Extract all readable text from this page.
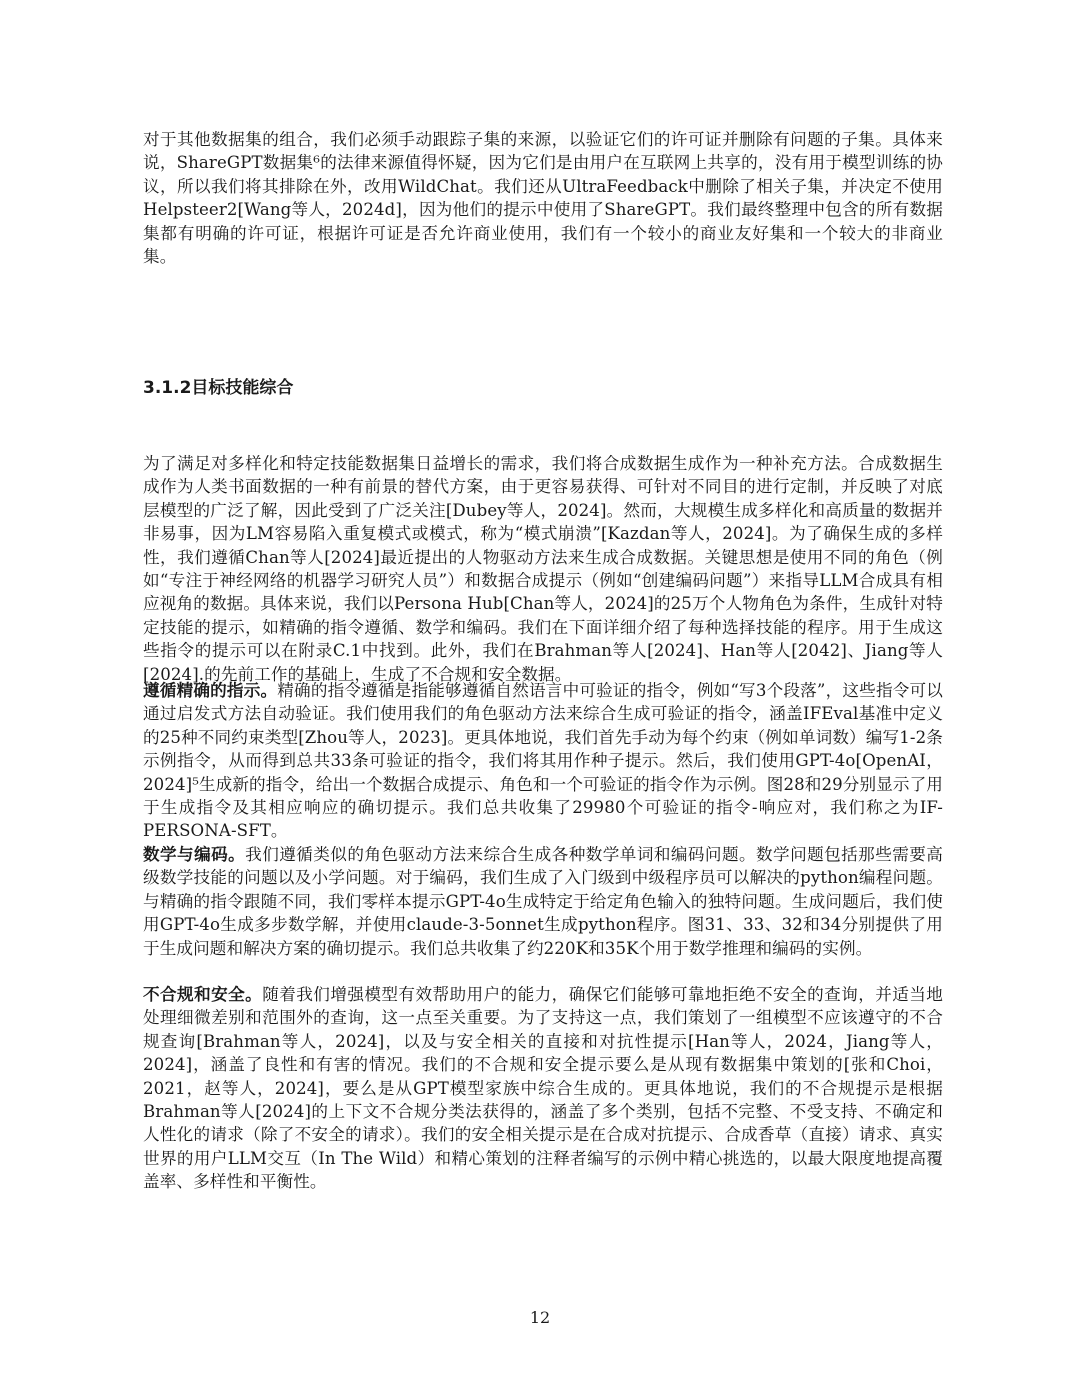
对于其他数据集的组合，我们必须手动跟踪子集的来源，以验证它们的许可证并删除有问题的子集。具体来说，ShareGPT数据集⁶的法律来源值得怀疑，因为它们是由用户在互联网上共享的，没有用于模型训练的协议，所以我们将其排除在外，改用WildChat。我们还从UltraFeedback中删除了相关子集，并决定不使用Helpsteer2[Wang等人，2024d]，因为他们的提示中使用了ShareGPT。我们最终整理中包含的所有数据集都有明确的许可证，根据许可证是否允许商业使用，我们有一个较小的商业友好集和一个较大的非商业集。

3.1.2目标技能综合

为了满足对多样化和特定技能数据集日益增长的需求，我们将合成数据生成作为一种补充方法。合成数据生成作为人类书面数据的一种有前景的替代方案，由于更容易获得、可针对不同目的进行定制，并反映了对底层模型的广泛了解，因此受到了广泛关注[Dubey等人，2024]。然而，大规模生成多样化和高质量的数据并非易事，因为LM容易陷入重复模式或模式，称为“模式崩溃”[Kazdan等人，2024]。为了确保生成的多样性，我们遵循Chan等人[2024]最近提出的人物驱动方法来生成合成数据。关键思想是使用不同的角色（例如“专注于神经网络的机器学习研究人员”）和数据合成提示（例如“创建编码问题”）来指导LLM合成具有相应视角的数据。具体来说，我们以Persona Hub[Chan等人，2024]的25万个人物角色为条件，生成针对特定技能的提示，如精确的指令遵循、数学和编码。我们在下面详细介绍了每种选择技能的程序。用于生成这些指令的提示可以在附录C.1中找到。此外，我们在Brahman等人[2024]、Han等人[2042]、Jiang等人[2024].的先前工作的基础上，生成了不合规和安全数据。

遵循精确的指示。精确的指令遵循是指能够遵循自然语言中可验证的指令，例如“写3个段落”，这些指令可以通过启发式方法自动验证。我们使用我们的角色驱动方法来综合生成可验证的指令，涵盖IFEval基准中定义的25种不同约束类型[Zhou等人，2023]。更具体地说，我们首先手动为每个约束（例如单词数）编写1-2条示例指令，从而得到总共33条可验证的指令，我们将其用作种子提示。然后，我们使用GPT-4o[OpenAI，2024]⁵生成新的指令，给出一个数据合成提示、角色和一个可验证的指令作为示例。图28和29分别显示了用于生成指令及其相应响应的确切提示。我们总共收集了29980个可验证的指令-响应对，我们称之为IF-PERSONA-SFT。

数学与编码。我们遵循类似的角色驱动方法来综合生成各种数学单词和编码问题。数学问题包括那些需要高级数学技能的问题以及小学问题。对于编码，我们生成了入门级到中级程序员可以解决的python编程问题。与精确的指令跟随不同，我们零样本提示GPT-4o生成特定于给定角色输入的独特问题。生成问题后，我们使用GPT-4o生成多步数学解，并使用claude-3-5onnet生成python程序。图31、33、32和34分别提供了用于生成问题和解决方案的确切提示。我们总共收集了约220K和35K个用于数学推理和编码的实例。

不合规和安全。随着我们增强模型有效帮助用户的能力，确保它们能够可靠地拒绝不安全的查询，并适当地处理细微差别和范围外的查询，这一点至关重要。为了支持这一点，我们策划了一组模型不应该遵守的不合规查询[Brahman等人，2024]，以及与安全相关的直接和对抗性提示[Han等人，2024，Jiang等人，2024]，涵盖了良性和有害的情况。我们的不合规和安全提示要么是从现有数据集中策划的[张和Choi，2021，赵等人，2024]，要么是从GPT模型家族中综合生成的。更具体地说，我们的不合规提示是根据Brahman等人[2024]的上下文不合规分类法获得的，涵盖了多个类别，包括不完整、不受支持、不确定和人性化的请求（除了不安全的请求）。我们的安全相关提示是在合成对抗提示、合成香草（直接）请求、真实世界的用户LLM交互（In The Wild）和精心策划的注释者编写的示例中精心挑选的，以最大限度地提高覆盖率、多样性和平衡性。

12
